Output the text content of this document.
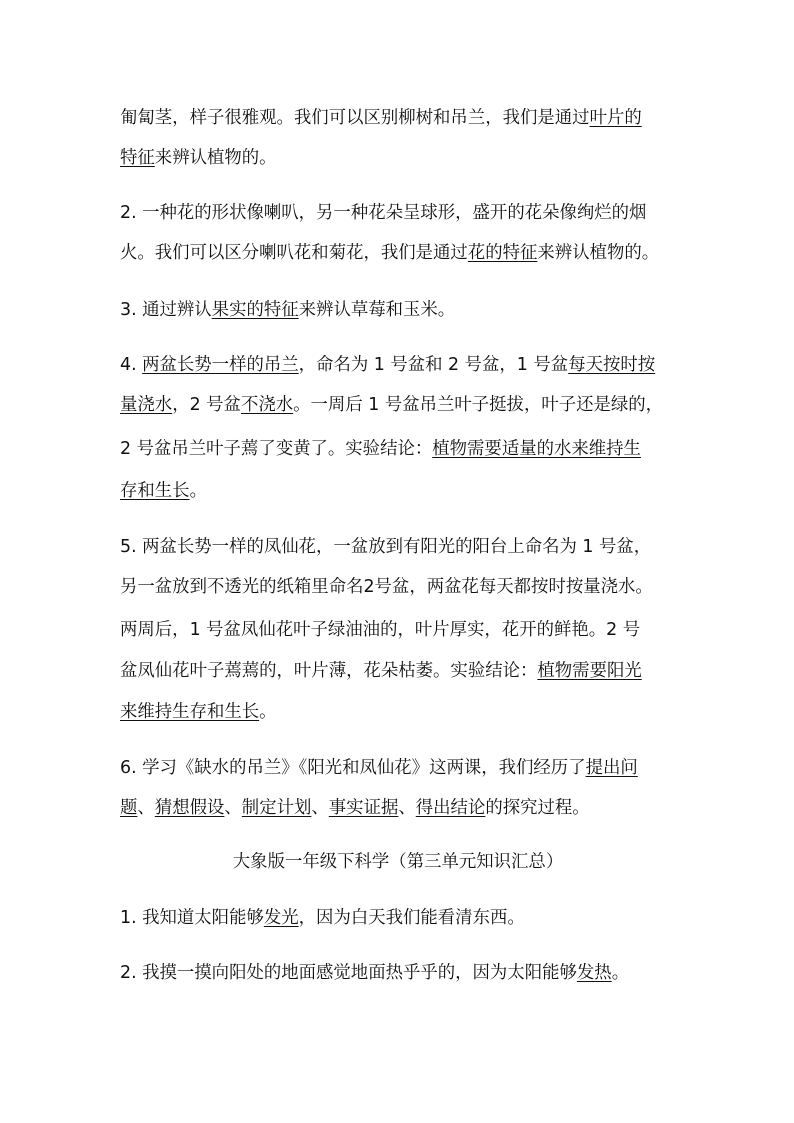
匍匐茎，样子很雅观。我们可以区别柳树和吊兰，我们是通过叶片的
特征来辨认植物的。
2. 一种花的形状像喇叭，另一种花朵呈球形，盛开的花朵像绚烂的烟
火。我们可以区分喇叭花和菊花，我们是通过花的特征来辨认植物的。
3. 通过辨认果实的特征来辨认草莓和玉米。
4. 两盆长势一样的吊兰，命名为 1 号盆和 2 号盆，1 号盆每天按时按
量浇水，2 号盆不浇水。一周后 1 号盆吊兰叶子挺拔，叶子还是绿的，
2 号盆吊兰叶子蔫了变黄了。实验结论：植物需要适量的水来维持生
存和生长。
5. 两盆长势一样的凤仙花，一盆放到有阳光的阳台上命名为 1 号盆，
另一盆放到不透光的纸箱里命名2号盆，两盆花每天都按时按量浇水。
两周后，1 号盆凤仙花叶子绿油油的，叶片厚实，花开的鲜艳。2 号
盆凤仙花叶子蔫蔫的，叶片薄，花朵枯萎。实验结论：植物需要阳光
来维持生存和生长。
6. 学习《缺水的吊兰》《阳光和凤仙花》这两课，我们经历了提出问
题、猜想假设、制定计划、事实证据、得出结论的探究过程。
大象版一年级下科学（第三单元知识汇总）
1. 我知道太阳能够发光，因为白天我们能看清东西。
2. 我摸一摸向阳处的地面感觉地面热乎乎的，因为太阳能够发热。
